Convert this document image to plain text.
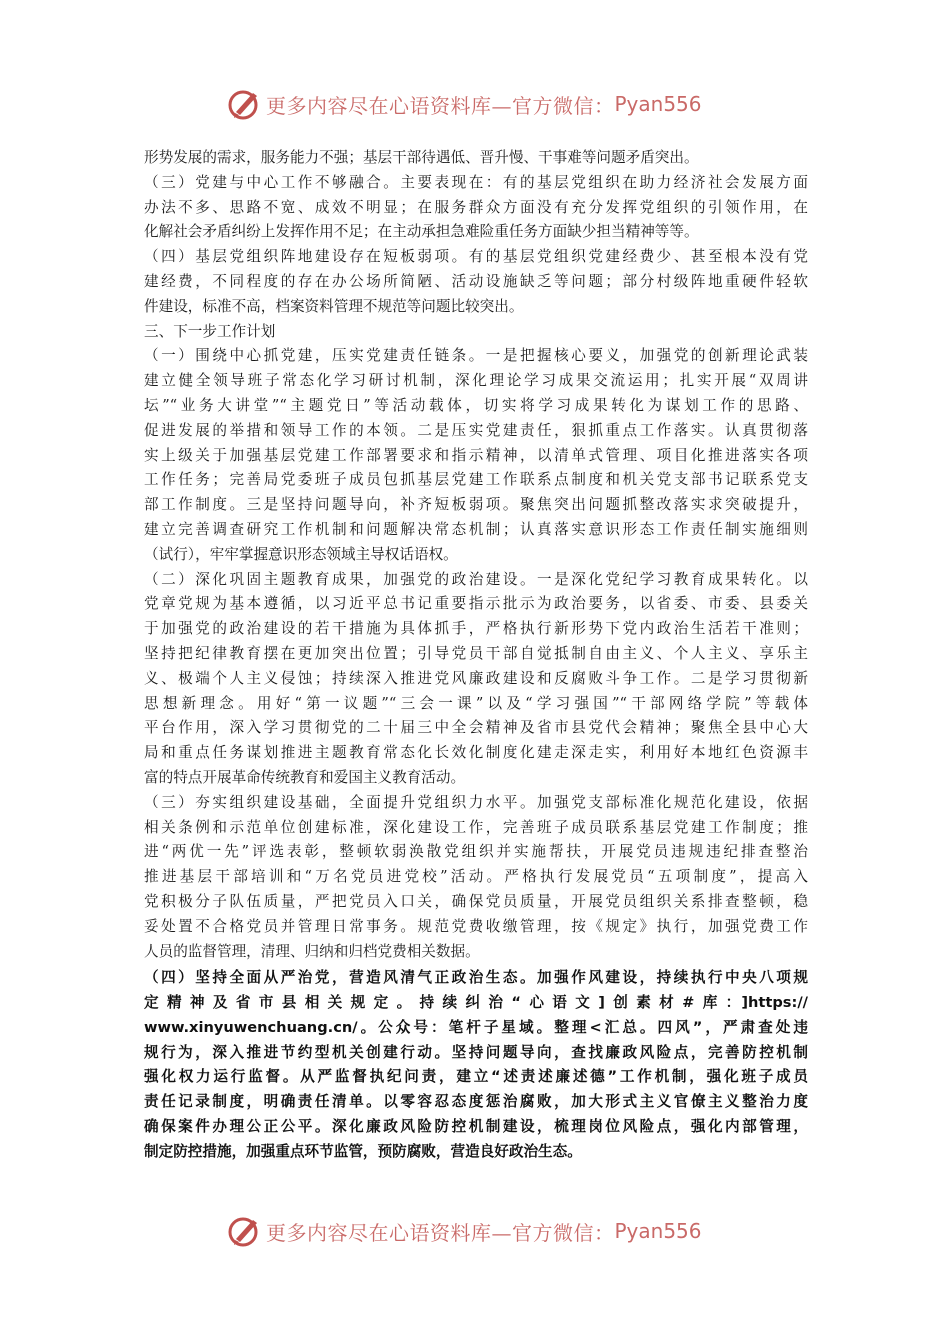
更多内容尽在心语资料库—官方微信： Pyan556
形势发展的需求，服务能力不强；基层干部待遇低、晋升慢、干事难等问题矛盾突出。
（三）党建与中心工作不够融合。主要表现在：有的基层党组织在助力经济社会发展方面
办法不多、思路不宽、成效不明显；在服务群众方面没有充分发挥党组织的引领作用，在
化解社会矛盾纠纷上发挥作用不足；在主动承担急难险重任务方面缺少担当精神等等。
（四）基层党组织阵地建设存在短板弱项。有的基层党组织党建经费少、甚至根本没有党
建经费，不同程度的存在办公场所简陋、活动设施缺乏等问题；部分村级阵地重硬件轻软
件建设，标准不高，档案资料管理不规范等问题比较突出。
三、下一步工作计划
（一）围绕中心抓党建，压实党建责任链条。一是把握核心要义，加强党的创新理论武装
建立健全领导班子常态化学习研讨机制，深化理论学习成果交流运用；扎实开展“双周讲
坛”“业务大讲堂”“主题党日”等活动载体，切实将学习成果转化为谋划工作的思路、
促进发展的举措和领导工作的本领。二是压实党建责任，狠抓重点工作落实。认真贯彻落
实上级关于加强基层党建工作部署要求和指示精神，以清单式管理、项目化推进落实各项
工作任务；完善局党委班子成员包抓基层党建工作联系点制度和机关党支部书记联系党支
部工作制度。三是坚持问题导向，补齐短板弱项。聚焦突出问题抓整改落实求突破提升，
建立完善调查研究工作机制和问题解决常态机制；认真落实意识形态工作责任制实施细则
（试行），牢牢掌握意识形态领域主导权话语权。
（二）深化巩固主题教育成果，加强党的政治建设。一是深化党纪学习教育成果转化。以
党章党规为基本遵循，以习近平总书记重要指示批示为政治要务，以省委、市委、县委关
于加强党的政治建设的若干措施为具体抓手，严格执行新形势下党内政治生活若干准则；
坚持把纪律教育摆在更加突出位置；引导党员干部自觉抵制自由主义、个人主义、享乐主
义、极端个人主义侵蚀；持续深入推进党风廉政建设和反腐败斗争工作。二是学习贯彻新
思想新理念。用好“第一议题”“三会一课”以及“学习强国”“干部网络学院”等载体
平台作用，深入学习贯彻党的二十届三中全会精神及省市县党代会精神；聚焦全县中心大
局和重点任务谋划推进主题教育常态化长效化制度化建走深走实，利用好本地红色资源丰
富的特点开展革命传统教育和爱国主义教育活动。
（三）夯实组织建设基础，全面提升党组织力水平。加强党支部标准化规范化建设，依据
相关条例和示范单位创建标准，深化建设工作，完善班子成员联系基层党建工作制度；推
进“两优一先”评选表彰，整顿软弱涣散党组织并实施帮扶，开展党员违规违纪排查整治
推进基层干部培训和“万名党员进党校”活动。严格执行发展党员“五项制度”，提高入
党积极分子队伍质量，严把党员入口关，确保党员质量，开展党员组织关系排查整顿，稳
妥处置不合格党员并管理日常事务。规范党费收缴管理，按《规定》执行，加强党费工作
人员的监督管理，清理、归纳和归档党费相关数据。
（四）坚持全面从严治党，营造风清气正政治生态。加强作风建设，持续执行中央八项规
定精神及省市县相关规定。持续纠治“心语文]创素材#库：]https://
www.xinyuwenchuang.cn/。公众号：笔杆子星域。整理<汇总。四风”，严肃查处违
规行为，深入推进节约型机关创建行动。坚持问题导向，查找廉政风险点，完善防控机制
强化权力运行监督。从严监督执纪问责，建立“述责述廉述德”工作机制，强化班子成员
责任记录制度，明确责任清单。以零容忍态度惩治腐败，加大形式主义官僚主义整治力度
确保案件办理公正公平。深化廉政风险防控机制建设，梳理岗位风险点，强化内部管理，
制定防控措施，加强重点环节监管，预防腐败，营造良好政治生态。
更多内容尽在心语资料库—官方微信： Pyan556
